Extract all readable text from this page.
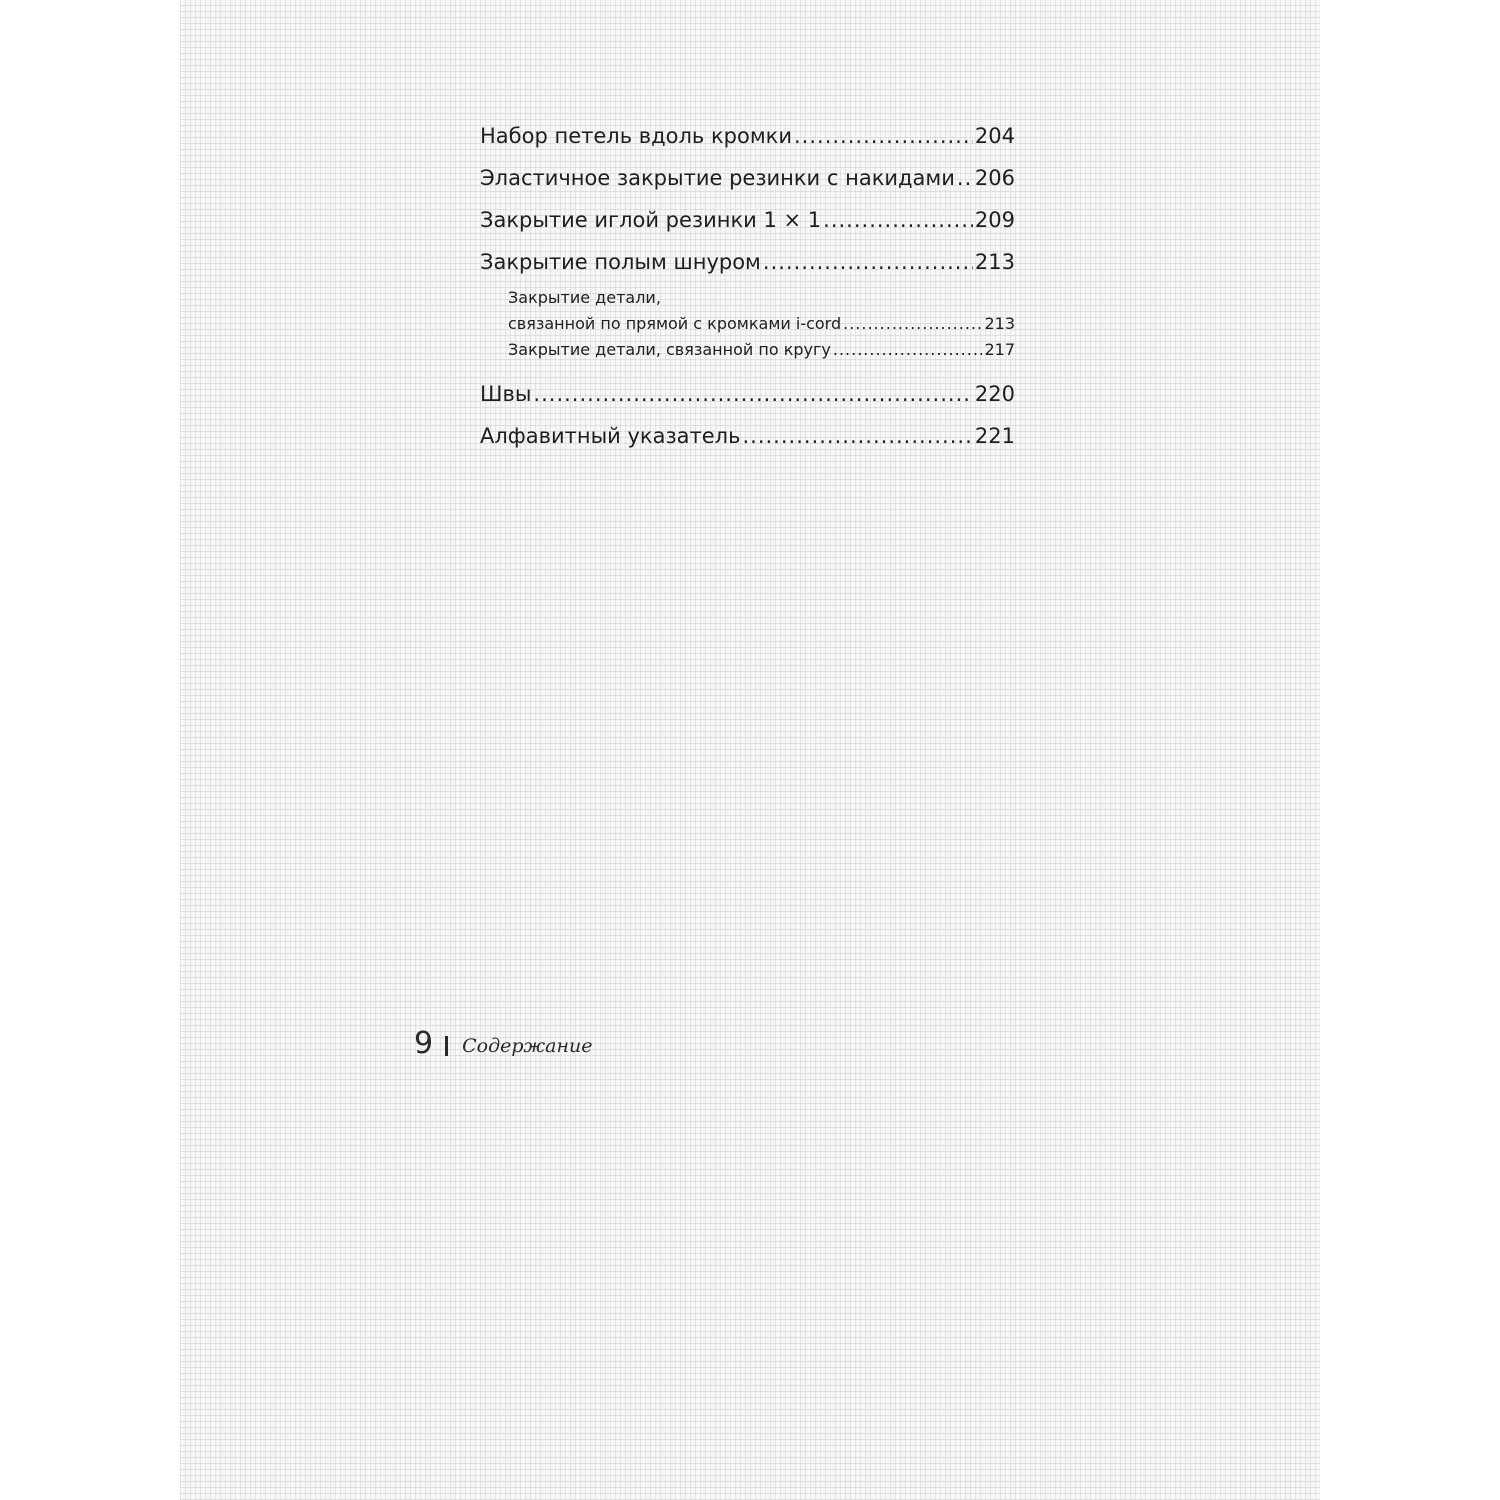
Набор петель вдоль кромки .....	204
Эластичное закрытие резинки с накидами ..... 206
Закрытие иглой резинки 1 × 1 .....	209
Закрытие полым шнуром .....	213
Закрытие детали,
связанной по прямой с кромками i-cord .....	213
Закрытие детали, связанной по кругу .....	217
Швы .....	220
Алфавитный указатель .....	221
9 Содержание
